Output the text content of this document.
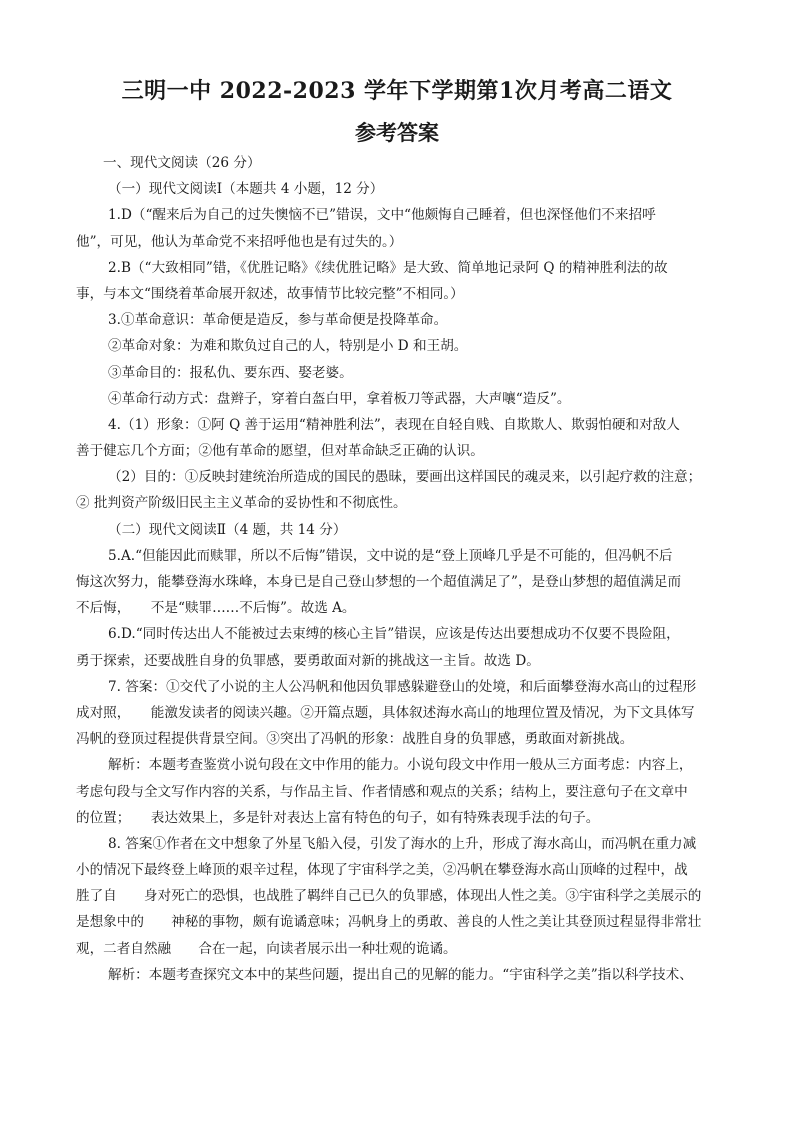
三明一中 2022-2023 学年下学期第1次月考高二语文
参考答案
一、现代文阅读（26 分）
（一）现代文阅读Ⅰ（本题共 4 小题，12 分）
1.D（“醒来后为自己的过失懊恼不已”错误，文中“他颇悔自己睡着，但也深怪他们不来招呼
他”，可见，他认为革命党不来招呼他也是有过失的。）
2.B（“大致相同”错，《优胜记略》《续优胜记略》是大致、简单地记录阿 Q 的精神胜利法的故
事，与本文“围绕着革命展开叙述，故事情节比较完整”不相同。）
3.①革命意识：革命便是造反，参与革命便是投降革命。
②革命对象：为难和欺负过自己的人，特别是小 D 和王胡。
③革命目的：报私仇、要东西、娶老婆。
④革命行动方式：盘辫子，穿着白盔白甲，拿着板刀等武器，大声嚷“造反”。
4.（1）形象：①阿 Q 善于运用“精神胜利法”，表现在自轻自贱、自欺欺人、欺弱怕硬和对敌人
善于健忘几个方面；②他有革命的愿望，但对革命缺乏正确的认识。
（2）目的：①反映封建统治所造成的国民的愚昧，要画出这样国民的魂灵来，以引起疗救的注意；
② 批判资产阶级旧民主主义革命的妥协性和不彻底性。
（二）现代文阅读Ⅱ（4 题，共 14 分）
5.A.“但能因此而赎罪，所以不后悔”错误，文中说的是“登上顶峰几乎是不可能的，但冯帆不后
悔这次努力，能攀登海水珠峰，本身已是自己登山梦想的一个超值满足了”，是登山梦想的超值满足而
不后悔，　　不是“赎罪……不后悔”。故选 A。
6.D.“同时传达出人不能被过去束缚的核心主旨”错误，应该是传达出要想成功不仅要不畏险阻，
勇于探索，还要战胜自身的负罪感，要勇敢面对新的挑战这一主旨。故选 D。
7. 答案：①交代了小说的主人公冯帆和他因负罪感躲避登山的处境，和后面攀登海水高山的过程形
成对照，　　能激发读者的阅读兴趣。②开篇点题，具体叙述海水高山的地理位置及情况，为下文具体写
冯帆的登顶过程提供背景空间。③突出了冯帆的形象：战胜自身的负罪感，勇敢面对新挑战。
解析：本题考查鉴赏小说句段在文中作用的能力。小说句段文中作用一般从三方面考虑：内容上，
考虑句段与全文写作内容的关系，与作品主旨、作者情感和观点的关系；结构上，要注意句子在文章中
的位置；　　表达效果上，多是针对表达上富有特色的句子，如有特殊表现手法的句子。
8. 答案①作者在文中想象了外星飞船入侵，引发了海水的上升，形成了海水高山，而冯帆在重力减
小的情况下最终登上峰顶的艰辛过程，体现了宇宙科学之美，②冯帆在攀登海水高山顶峰的过程中，战
胜了自　　身对死亡的恐惧，也战胜了羁绊自己已久的负罪感，体现出人性之美。③宇宙科学之美展示的
是想象中的　　神秘的事物，颇有诡谲意味；冯帆身上的勇敢、善良的人性之美让其登顶过程显得非常壮
观，二者自然融　　合在一起，向读者展示出一种壮观的诡谲。
解析：本题考查探究文本中的某些问题，提出自己的见解的能力。“宇宙科学之美”指以科学技术、
